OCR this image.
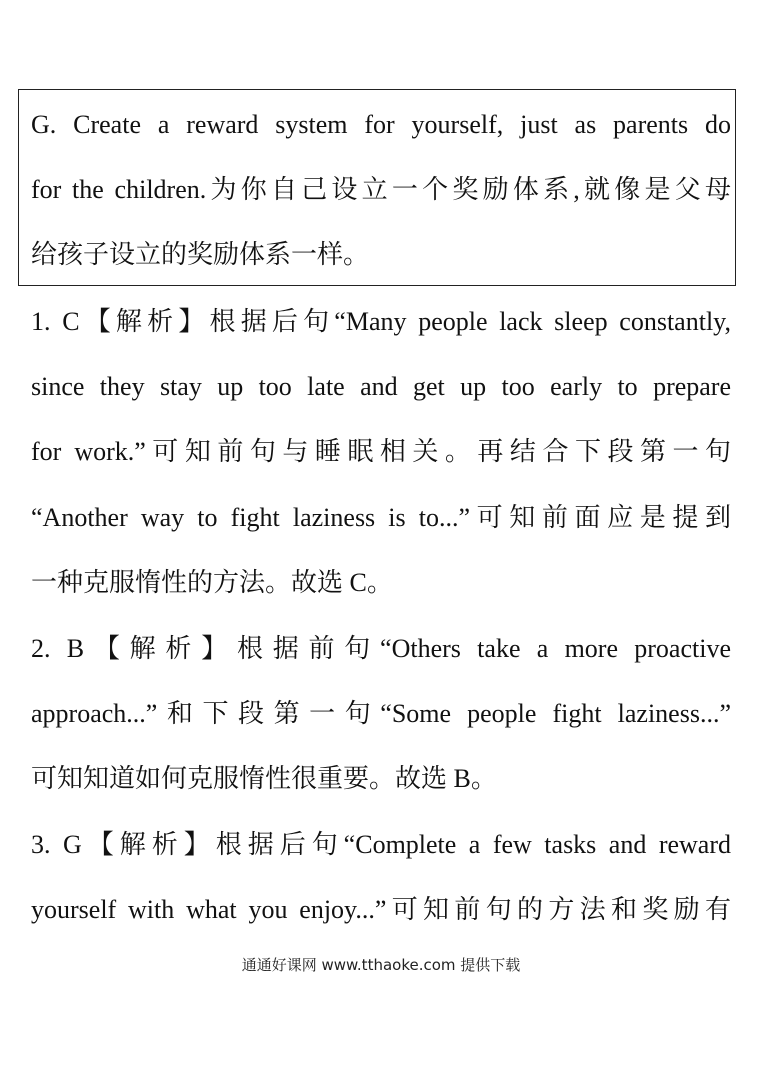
G. Create a reward system for yourself, just as parents do
for the children.为你自己设立一个奖励体系,就像是父母
给孩子设立的奖励体系一样。
1. C【解析】根据后句“Many people lack sleep constantly,
since they stay up too late and get up too early to prepare
for work.”可知前句与睡眠相关。再结合下段第一句
“Another way to fight laziness is to...”可知前面应是提到
一种克服惰性的方法。故选 C。
2. B【解析】根据前句“Others take a more proactive
approach...”和下段第一句“Some people fight laziness...”
可知知道如何克服惰性很重要。故选 B。
3. G【解析】根据后句“Complete a few tasks and reward
yourself with what you enjoy...”可知前句的方法和奖励有
通通好课网 www.tthaoke.com 提供下载
